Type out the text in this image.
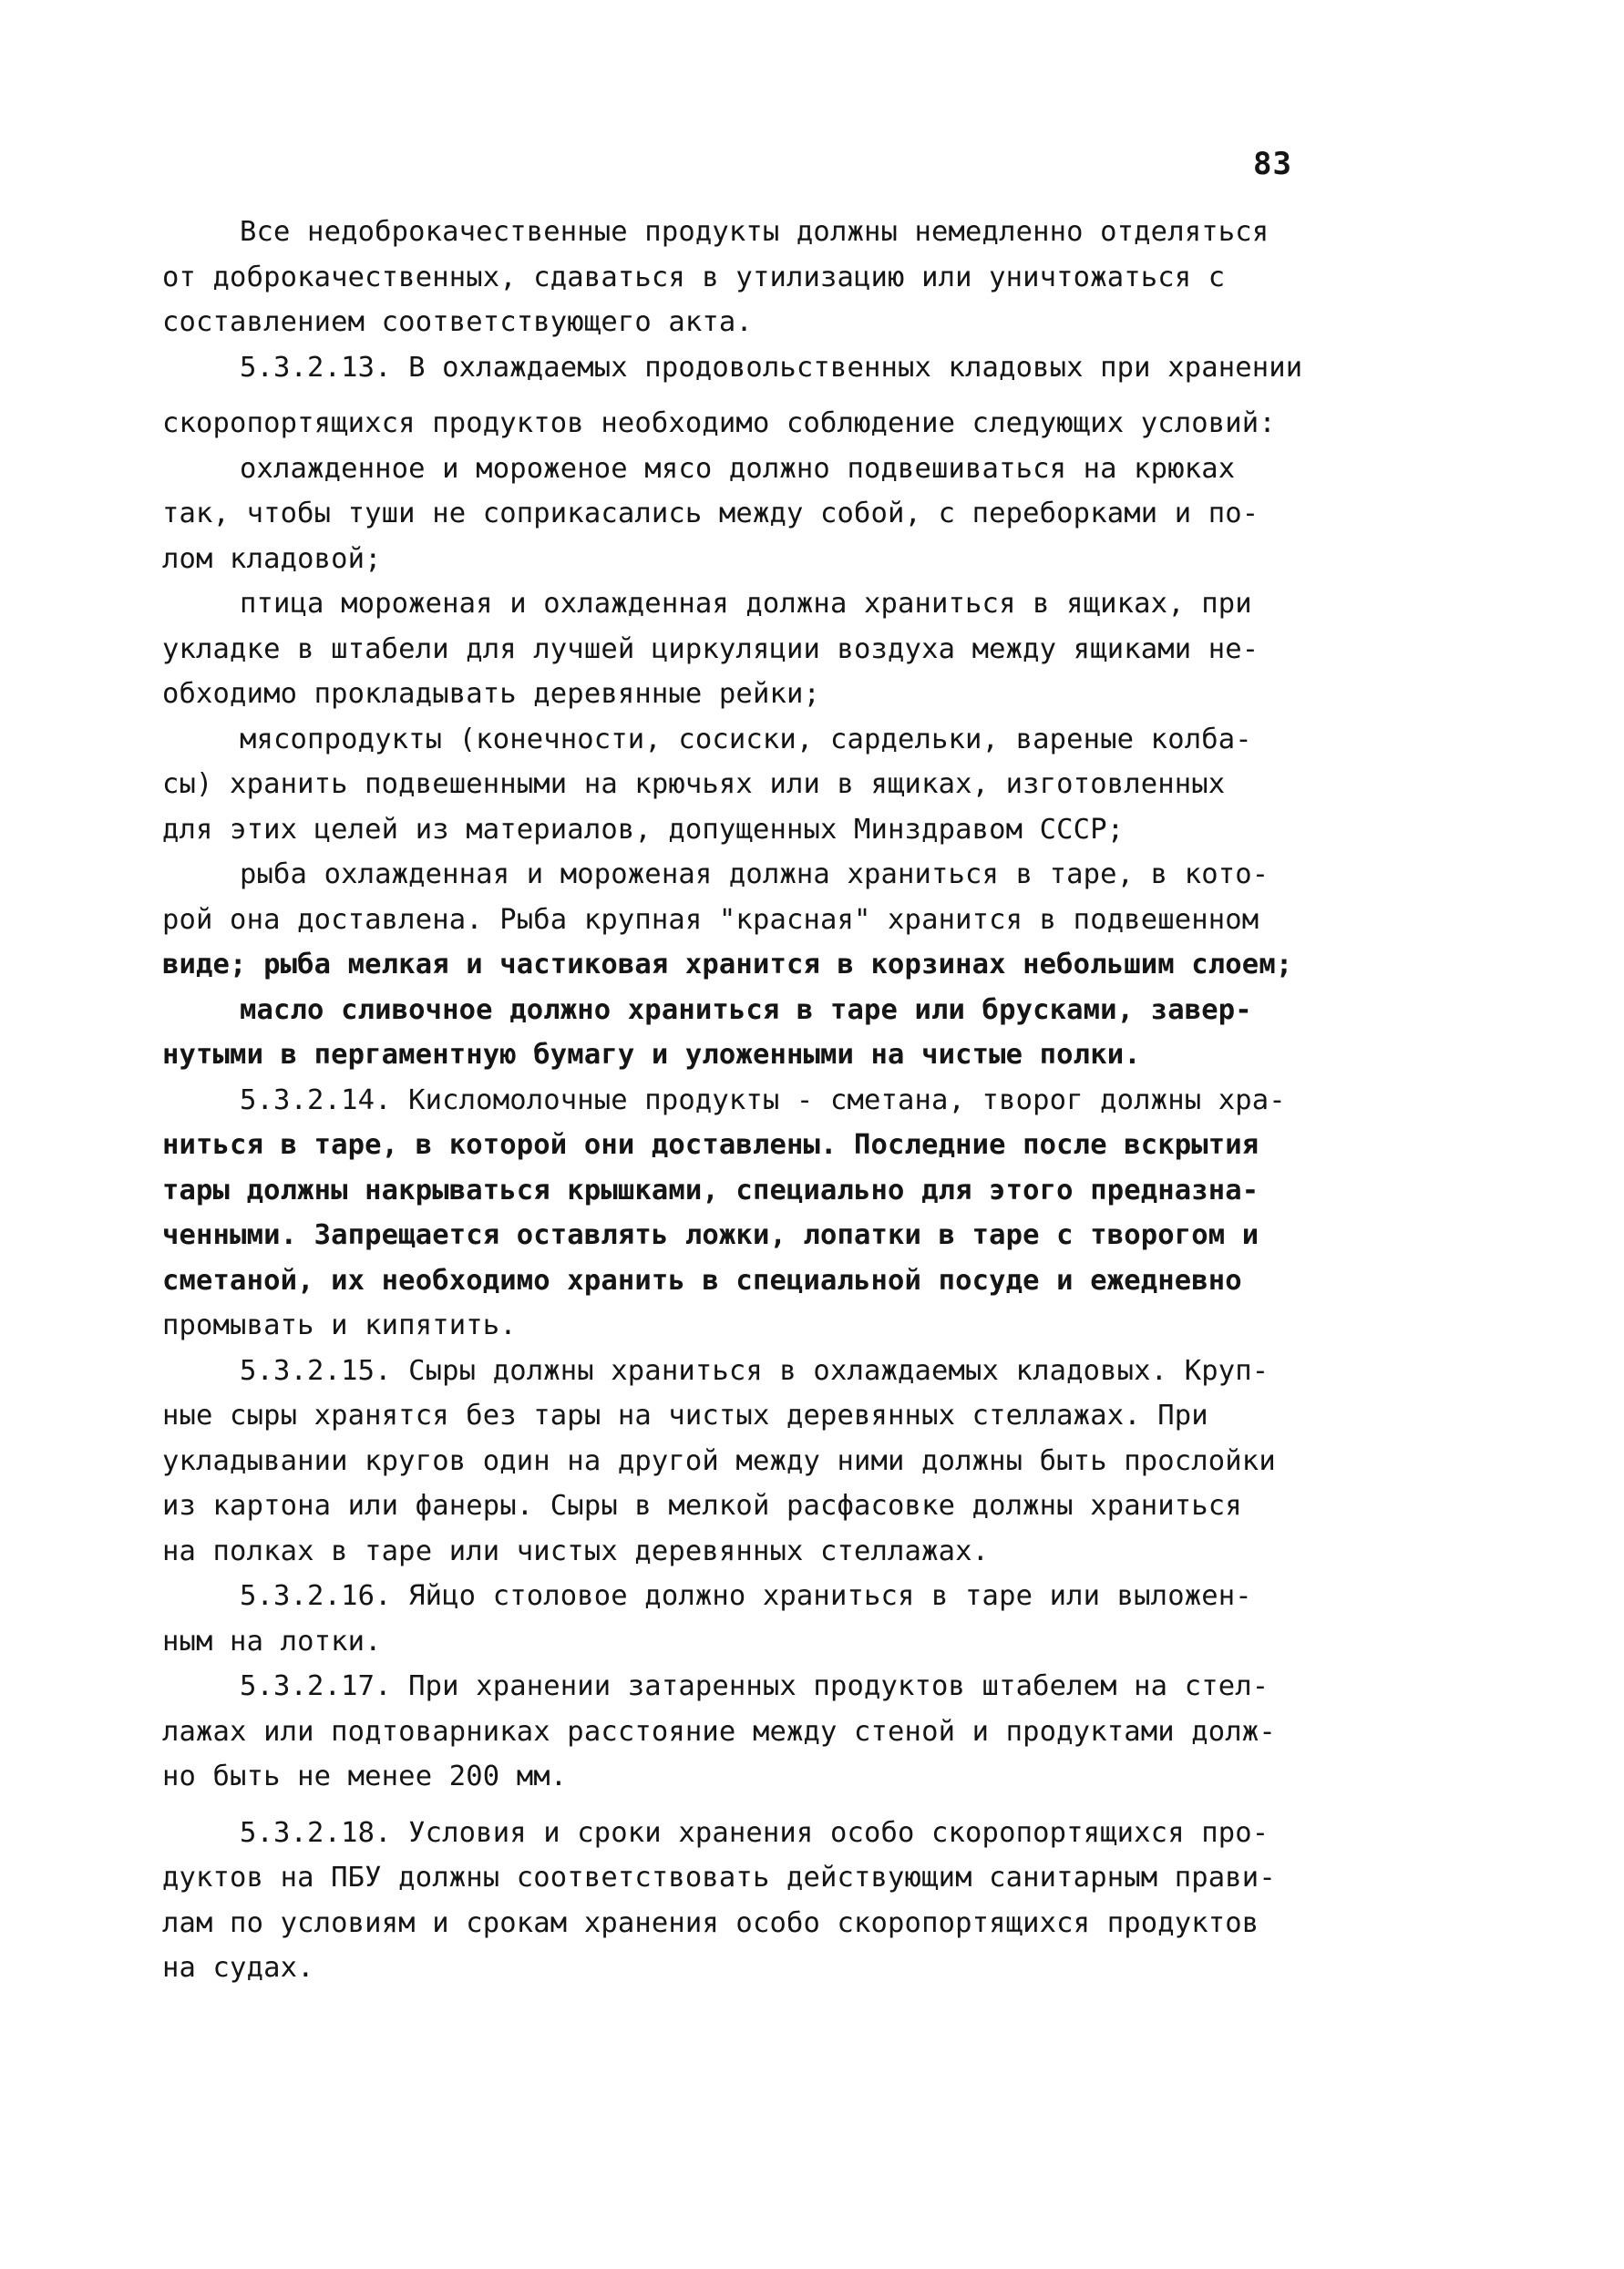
83
Все недоброкачественные продукты должны немедленно отделяться
от доброкачественных, сдаваться в утилизацию или уничтожаться с
составлением соответствующего акта.
5.3.2.13. В охлаждаемых продовольственных кладовых при хранении
скоропортящихся продуктов необходимо соблюдение следующих условий:
охлажденное и мороженое мясо должно подвешиваться на крюках
так, чтобы туши не соприкасались между собой, с переборками и по-
лом кладовой;
птица мороженая и охлажденная должна храниться в ящиках, при
укладке в штабели для лучшей циркуляции воздуха между ящиками не-
обходимо прокладывать деревянные рейки;
мясопродукты (конечности, сосиски, сардельки, вареные колба-
сы) хранить подвешенными на крючьях или в ящиках, изготовленных
для этих целей из материалов, допущенных Минздравом СССР;
рыба охлажденная и мороженая должна храниться в таре, в кото-
рой она доставлена. Рыба крупная "красная" хранится в подвешенном
виде; рыба мелкая и частиковая хранится в корзинах небольшим слоем;
масло сливочное должно храниться в таре или брусками, завер-
нутыми в пергаментную бумагу и уложенными на чистые полки.
5.3.2.14. Кисломолочные продукты - сметана, творог должны хра-
ниться в таре, в которой они доставлены. Последние после вскрытия
тары должны накрываться крышками, специально для этого предназна-
ченными. Запрещается оставлять ложки, лопатки в таре с творогом и
сметаной, их необходимо хранить в специальной посуде и ежедневно
промывать и кипятить.
5.3.2.15. Сыры должны храниться в охлаждаемых кладовых. Круп-
ные сыры хранятся без тары на чистых деревянных стеллажах. При
укладывании кругов один на другой между ними должны быть прослойки
из картона или фанеры. Сыры в мелкой расфасовке должны храниться
на полках в таре или чистых деревянных стеллажах.
5.3.2.16. Яйцо столовое должно храниться в таре или выложен-
ным на лотки.
5.3.2.17. При хранении затаренных продуктов штабелем на стел-
лажах или подтоварниках расстояние между стеной и продуктами долж-
но быть не менее 200 мм.
5.3.2.18. Условия и сроки хранения особо скоропортящихся про-
дуктов на ПБУ должны соответствовать действующим санитарным прави-
лам по условиям и срокам хранения особо скоропортящихся продуктов
на судах.
